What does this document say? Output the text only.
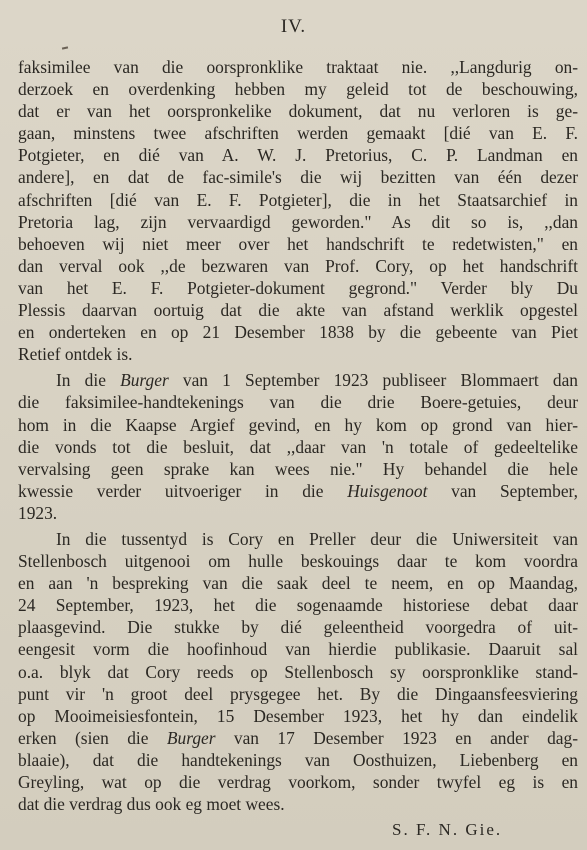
IV.
faksimilee van die oorspronklike traktaat nie. ,,Langdurig on-
derzoek en overdenking hebben my geleid tot de beschouwing,
dat er van het oorspronkelike dokument, dat nu verloren is ge-
gaan, minstens twee afschriften werden gemaakt [dié van E. F.
Potgieter, en dié van A. W. J. Pretorius, C. P. Landman en
andere], en dat de fac-simile's die wij bezitten van één dezer
afschriften [dié van E. F. Potgieter], die in het Staatsarchief in
Pretoria lag, zijn vervaardigd geworden." As dit so is, ,,dan
behoeven wij niet meer over het handschrift te redetwisten," en
dan verval ook ,,de bezwaren van Prof. Cory, op het handschrift
van het E. F. Potgieter-dokument gegrond." Verder bly Du
Plessis daarvan oortuig dat die akte van afstand werklik opgestel
en onderteken en op 21 Desember 1838 by die gebeente van Piet
Retief ontdek is.
In die Burger van 1 September 1923 publiseer Blommaert dan
die faksimilee-handtekenings van die drie Boere-getuies, deur
hom in die Kaapse Argief gevind, en hy kom op grond van hier-
die vonds tot die besluit, dat ,,daar van 'n totale of gedeeltelike
vervalsing geen sprake kan wees nie." Hy behandel die hele
kwessie verder uitvoeriger in die Huisgenoot van September,
1923.
In die tussentyd is Cory en Preller deur die Uniwersiteit van
Stellenbosch uitgenooi om hulle beskouings daar te kom voordra
en aan 'n bespreking van die saak deel te neem, en op Maandag,
24 September, 1923, het die sogenaamde historiese debat daar
plaasgevind. Die stukke by dié geleentheid voorgedra of uit-
eengesit vorm die hoofinhoud van hierdie publikasie. Daaruit sal
o.a. blyk dat Cory reeds op Stellenbosch sy oorspronklike stand-
punt vir 'n groot deel prysgegee het. By die Dingaansfeesviering
op Mooimeisiesfontein, 15 Desember 1923, het hy dan eindelik
erken (sien die Burger van 17 Desember 1923 en ander dag-
blaaie), dat die handtekenings van Oosthuizen, Liebenberg en
Greyling, wat op die verdrag voorkom, sonder twyfel eg is en
dat die verdrag dus ook eg moet wees.
S. F. N. Gie.
